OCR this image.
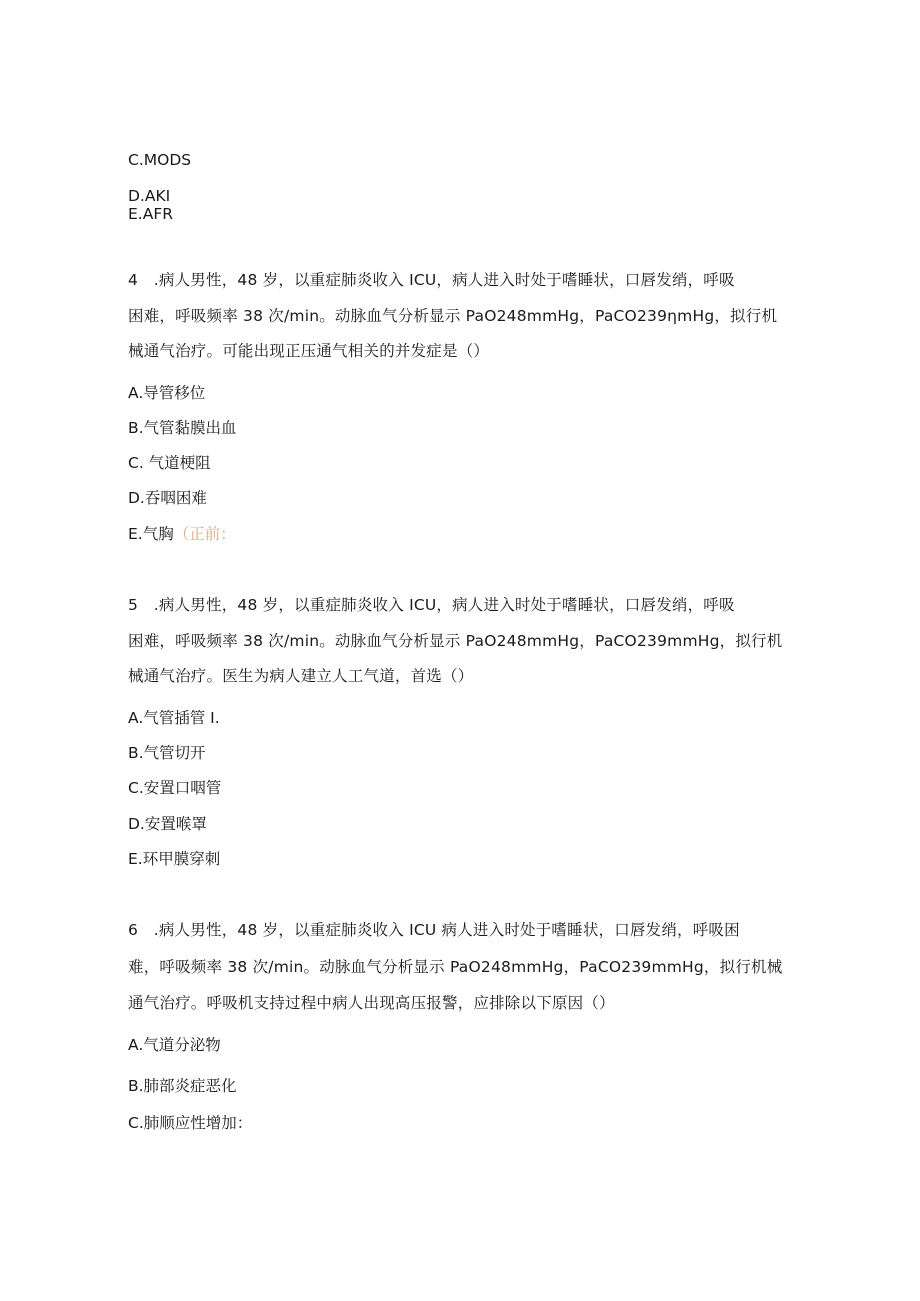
C.MODS

D.AKI

E.AFR

4　.病人男性，48 岁，以重症肺炎收入 ICU，病人进入时处于嗜睡状，口唇发绡，呼吸

困难，呼吸频率 38 次∕min。动脉血气分析显示 PaO248mmHg，PaCO239ηmHg，拟行机

械通气治疗。可能出现正压通气相关的并发症是（）

A.导管移位

B.气管黏膜出血

C. 气道梗阻

D.吞咽困难

E.气胸（正前：

5　.病人男性，48 岁，以重症肺炎收入 ICU，病人进入时处于嗜睡状，口唇发绡，呼吸

困难，呼吸频率 38 次∕min。动脉血气分析显示 PaO248mmHg，PaCO239mmHg，拟行机

械通气治疗。医生为病人建立人工气道，首选（）

A.气管插管 I.

B.气管切开

C.安置口咽管

D.安置喉罩

E.环甲膜穿刺

6　.病人男性，48 岁，以重症肺炎收入 ICU 病人进入时处于嗜睡状，口唇发绡，呼吸困

难，呼吸频率 38 次∕min。动脉血气分析显示 PaO248mmHg，PaCO239mmHg，拟行机械

通气治疗。呼吸机支持过程中病人出现高压报警，应排除以下原因（）

A.气道分泌物

B.肺部炎症恶化

C.肺顺应性增加：
